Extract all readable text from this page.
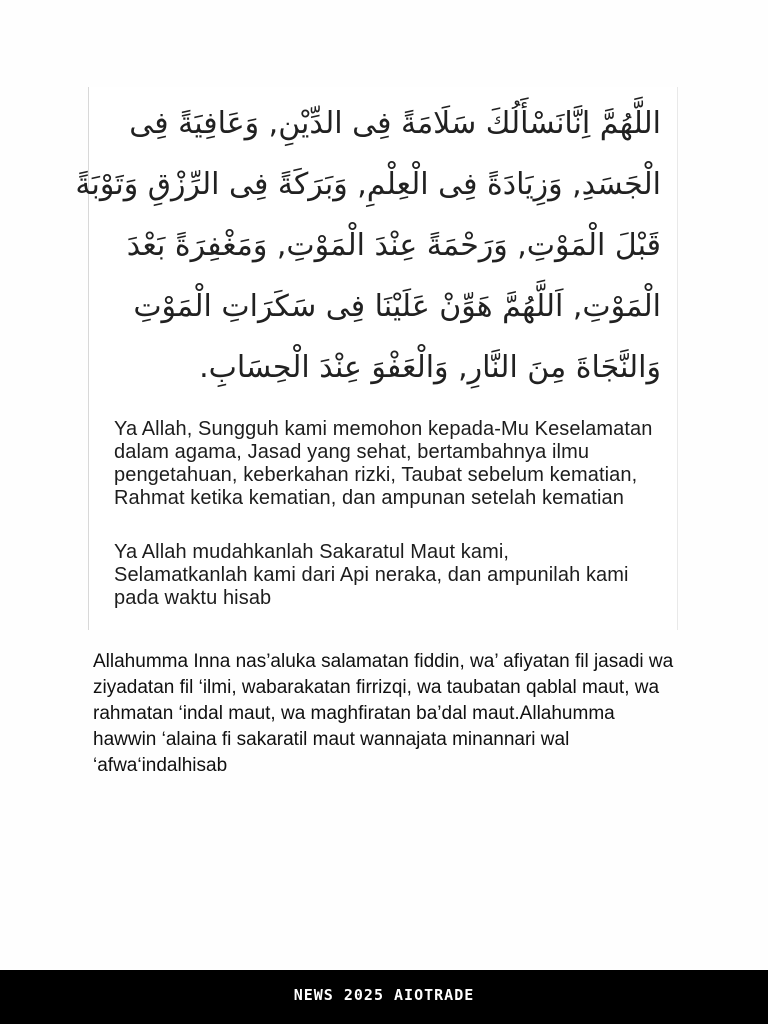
اللَّهُمَّ اِنَّانَسْأَلُكَ سَلَامَةً فِى الدِّيْنِ, وَعَافِيَةً فِى
الْجَسَدِ, وَزِيَادَةً فِى الْعِلْمِ, وَبَرَكَةً فِى الرِّزْقِ وَتَوْبَةً
قَبْلَ الْمَوْتِ, وَرَحْمَةً عِنْدَ الْمَوْتِ, وَمَغْفِرَةً بَعْدَ
الْمَوْتِ, اَللَّهُمَّ هَوِّنْ عَلَيْنَا فِى سَكَرَاتِ الْمَوْتِ
وَالنَّجَاةَ مِنَ النَّارِ, وَالْعَفْوَ عِنْدَ الْحِسَابِ.
Ya Allah, Sungguh kami memohon kepada-Mu Keselamatan
dalam agama, Jasad yang sehat, bertambahnya ilmu
pengetahuan, keberkahan rizki, Taubat sebelum kematian,
Rahmat ketika kematian, dan ampunan setelah kematian
Ya Allah mudahkanlah Sakaratul Maut kami,
Selamatkanlah kami dari Api neraka, dan ampunilah kami
pada waktu hisab
Allahumma Inna nas’aluka salamatan fiddin, wa’ afiyatan fil jasadi wa
ziyadatan fil ‘ilmi, wabarakatan firrizqi, wa taubatan qablal maut, wa
rahmatan ‘indal maut, wa maghfiratan ba’dal maut.Allahumma
hawwin ‘alaina fi sakaratil maut wannajata minannari wal
‘afwa‘indalhisab
NEWS 2025 AIOTRADE
